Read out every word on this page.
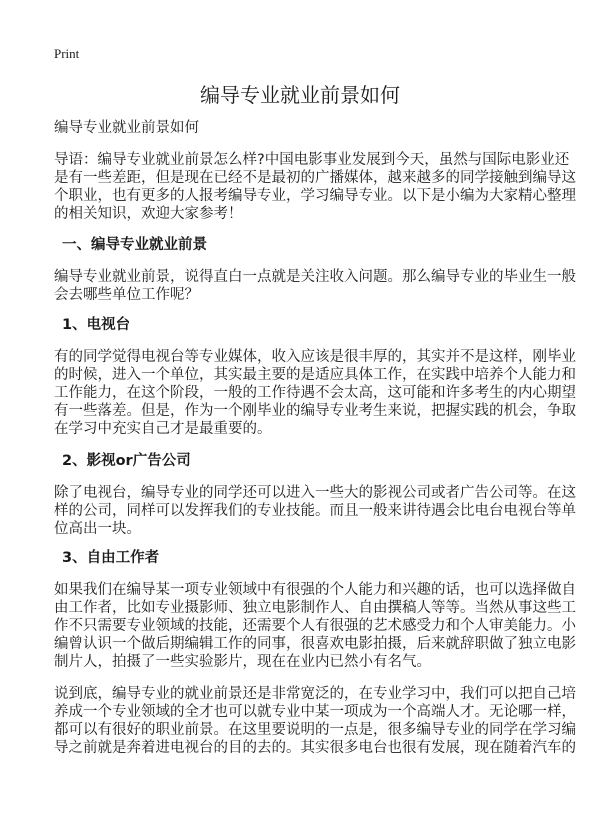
Print
编导专业就业前景如何
编导专业就业前景如何
导语：编导专业就业前景怎么样?中国电影事业发展到今天，虽然与国际电影业还
是有一些差距，但是现在已经不是最初的广播媒体，越来越多的同学接触到编导这
个职业，也有更多的人报考编导专业，学习编导专业。以下是小编为大家精心整理
的相关知识，欢迎大家参考！
一、编导专业就业前景
编导专业就业前景，说得直白一点就是关注收入问题。那么编导专业的毕业生一般
会去哪些单位工作呢？
1、电视台
有的同学觉得电视台等专业媒体，收入应该是很丰厚的，其实并不是这样，刚毕业
的时候，进入一个单位，其实最主要的是适应具体工作，在实践中培养个人能力和
工作能力，在这个阶段，一般的工作待遇不会太高，这可能和许多考生的内心期望
有一些落差。但是，作为一个刚毕业的编导专业考生来说，把握实践的机会，争取
在学习中充实自己才是最重要的。
2、影视or广告公司
除了电视台，编导专业的同学还可以进入一些大的影视公司或者广告公司等。在这
样的公司，同样可以发挥我们的专业技能。而且一般来讲待遇会比电台电视台等单
位高出一块。
3、自由工作者
如果我们在编导某一项专业领域中有很强的个人能力和兴趣的话，也可以选择做自
由工作者，比如专业摄影师、独立电影制作人、自由撰稿人等等。当然从事这些工
作不只需要专业领域的技能，还需要个人有很强的艺术感受力和个人审美能力。小
编曾认识一个做后期编辑工作的同事，很喜欢电影拍摄，后来就辞职做了独立电影
制片人，拍摄了一些实验影片，现在在业内已然小有名气。
说到底，编导专业的就业前景还是非常宽泛的，在专业学习中，我们可以把自己培
养成一个专业领域的全才也可以就专业中某一项成为一个高端人才。无论哪一样，
都可以有很好的职业前景。在这里要说明的一点是，很多编导专业的同学在学习编
导之前就是奔着进电视台的目的去的。其实很多电台也很有发展，现在随着汽车的
